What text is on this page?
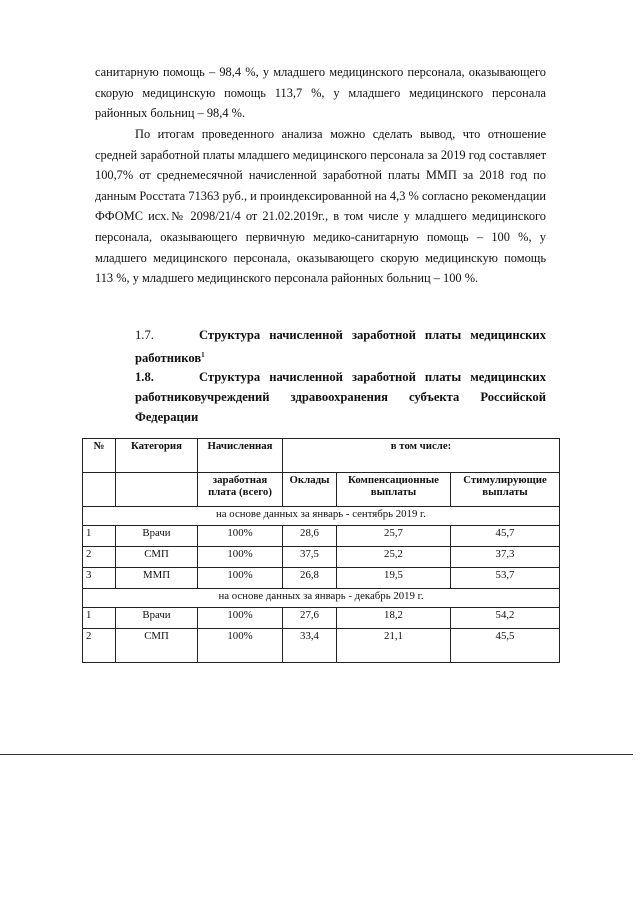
санитарную помощь – 98,4 %, у младшего медицинского персонала, оказывающего скорую медицинскую помощь 113,7 %, у младшего медицинского персонала районных больниц – 98,4 %.

По итогам проведенного анализа можно сделать вывод, что отношение средней заработной платы младшего медицинского персонала за 2019 год составляет 100,7% от среднемесячной начисленной заработной платы ММП за 2018 год по данным Росстата 71363 руб., и проиндексированной на 4,3 % согласно рекомендации ФФОМС исх.№ 2098/21/4 от 21.02.2019г., в том числе у младшего медицинского персонала, оказывающего первичную медико-санитарную помощь – 100 %, у младшего медицинского персонала, оказывающего скорую медицинскую помощь 113 %, у младшего медицинского персонала районных больниц – 100 %.

1.7.	Структура начисленной заработной платы медицинских работников$^1$

1.8.	Структура начисленной заработной платы медицинских работниковучреждений здравоохранения субъекта Российской Федерации

№	Категория	Начисленная	в том числе:		
		заработная плата (всего)	Оклады	Компенсационные выплаты	Стимулирующие выплаты
на основе данных за январь - сентябрь 2019 г.					
1	Врачи	100%	28,6	25,7	45,7
2	СМП	100%	37,5	25,2	37,3
3	ММП	100%	26,8	19,5	53,7
на основе данных за январь - декабрь 2019 г.					
1	Врачи	100%	27,6	18,2	54,2
2	СМП	100%	33,4	21,1	45,5
